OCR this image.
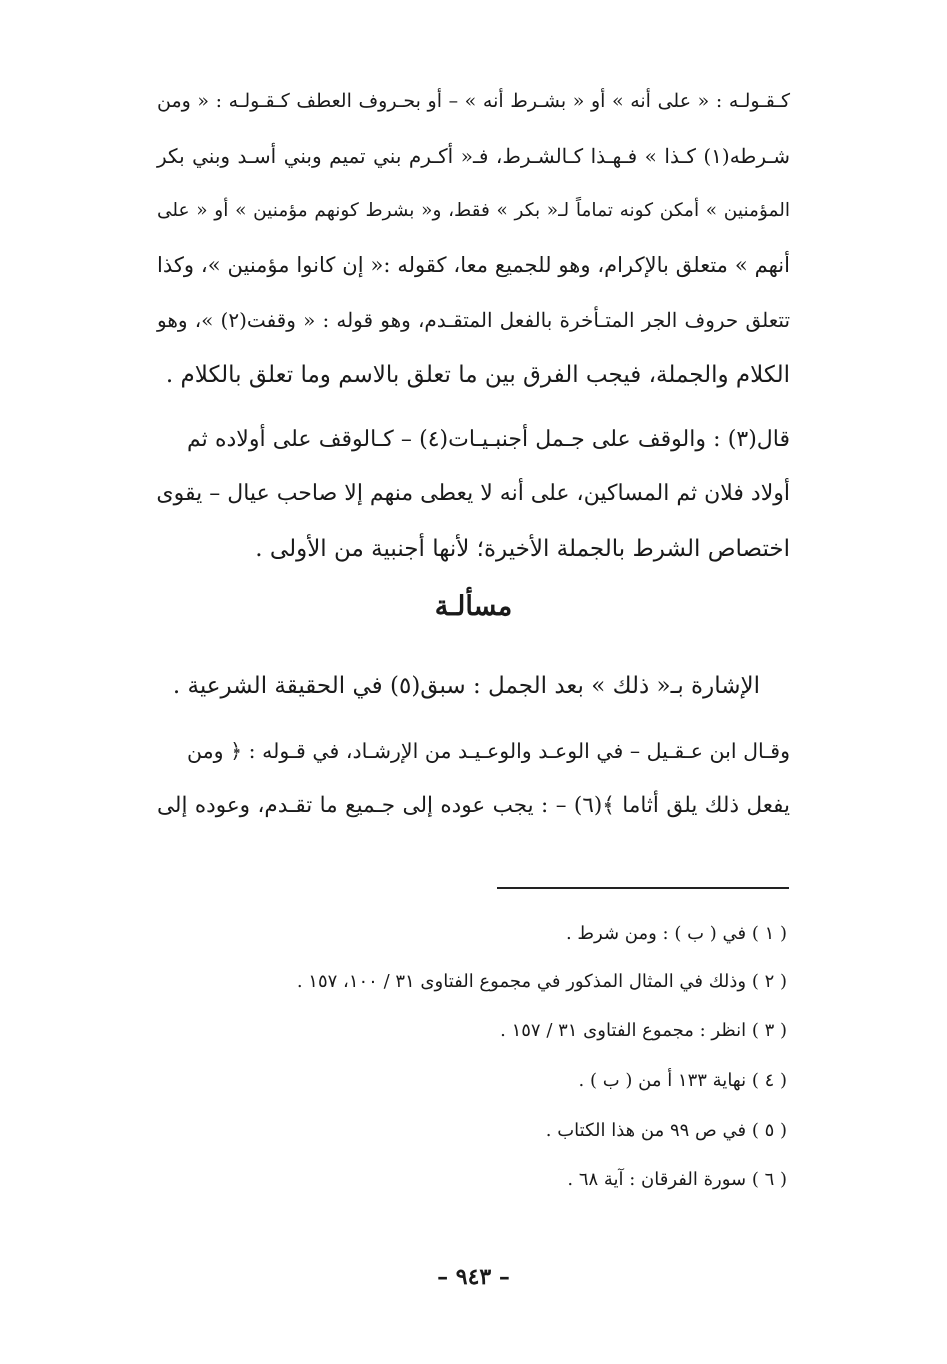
كـقـولـه : « على أنه » أو « بشـرط أنه » – أو بحـروف العطف كـقـولـه : « ومن
شـرطه(١) كـذا » فـهـذا كـالشـرط، فـ« أكـرم بني تميم وبني أسـد وبني بكر
المؤمنين » أمكن كونه تماماً لـ« بكر » فقط، و« بشرط كونهم مؤمنين » أو « على
أنهم » متعلق بالإكرام، وهو للجميع معا، كقوله :« إن كانوا مؤمنين »، وكذا
تتعلق حروف الجر المتـأخرة بالفعل المتقـدم، وهو قوله : « وقفت(٢) »، وهو
الكلام والجملة، فيجب الفرق بين ما تعلق بالاسم وما تعلق بالكلام .
قال(٣) : والوقف على جـمل أجنبـيـات(٤) – كـالوقف على أولاده ثم
أولاد فلان ثم المساكين، على أنه لا يعطى منهم إلا صاحب عيال – يقوى
اختصاص الشرط بالجملة الأخيرة؛ لأنها أجنبية من الأولى .
مسألـة
الإشارة بـ« ذلك » بعد الجمل : سبق(٥) في الحقيقة الشرعية .
وقـال ابن عـقـيل – في الوعـد والوعـيـد من الإرشـاد، في قـوله : ﴿ ومن
يفعل ذلك يلق أثاما ﴾(٦) – : يجب عوده إلى جـميع ما تقـدم، وعوده إلى
( ١ ) في ( ب ) : ومن شرط .
( ٢ ) وذلك في المثال المذكور في مجموع الفتاوى ٣١ / ١٠٠، ١٥٧ .
( ٣ ) انظر : مجموع الفتاوى ٣١ / ١٥٧ .
( ٤ ) نهاية ١٣٣ أ من ( ب ) .
( ٥ ) في ص ٩٩ من هذا الكتاب .
( ٦ ) سورة الفرقان : آية ٦٨ .
– ٩٤٣ –
